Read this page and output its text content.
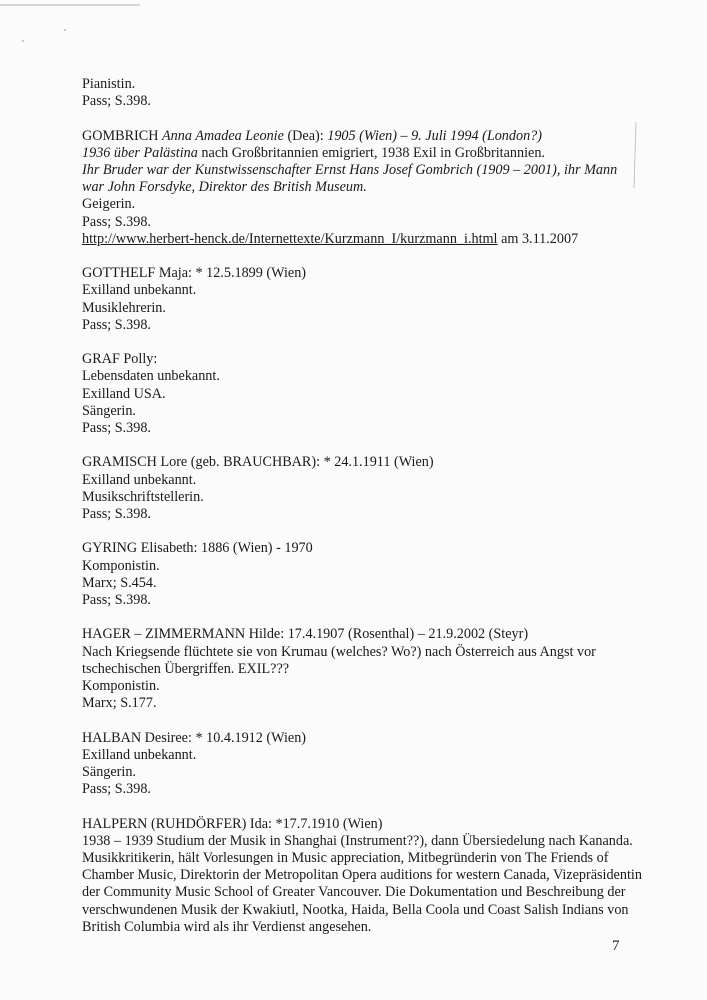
Pianistin.
Pass; S.398.
GOMBRICH Anna Amadea Leonie (Dea): 1905 (Wien) – 9. Juli 1994 (London?)
1936 über Palästina nach Großbritannien emigriert, 1938 Exil in Großbritannien.
Ihr Bruder war der Kunstwissenschafter Ernst Hans Josef Gombrich (1909 – 2001), ihr Mann war John Forsdyke, Direktor des British Museum.
Geigerin.
Pass; S.398.
http://www.herbert-henck.de/Internettexte/Kurzmann_I/kurzmann_i.html am 3.11.2007
GOTTHELF Maja: * 12.5.1899 (Wien)
Exilland unbekannt.
Musiklehrerin.
Pass; S.398.
GRAF Polly:
Lebensdaten unbekannt.
Exilland USA.
Sängerin.
Pass; S.398.
GRAMISCH Lore (geb. BRAUCHBAR): * 24.1.1911 (Wien)
Exilland unbekannt.
Musikschriftstellerin.
Pass; S.398.
GYRING Elisabeth: 1886 (Wien) - 1970
Komponistin.
Marx; S.454.
Pass; S.398.
HAGER – ZIMMERMANN Hilde: 17.4.1907 (Rosenthal) – 21.9.2002 (Steyr)
Nach Kriegsende flüchtete sie von Krumau (welches? Wo?) nach Österreich aus Angst vor tschechischen Übergriffen. EXIL???
Komponistin.
Marx; S.177.
HALBAN Desiree: * 10.4.1912 (Wien)
Exilland unbekannt.
Sängerin.
Pass; S.398.
HALPERN (RUHDÖRFER) Ida: *17.7.1910 (Wien)
1938 – 1939 Studium der Musik in Shanghai (Instrument??), dann Übersiedelung nach Kananda.
Musikkritikerin, hält Vorlesungen in Music appreciation, Mitbegründerin von The Friends of Chamber Music, Direktorin der Metropolitan Opera auditions for western Canada, Vizepräsidentin der Community Music School of Greater Vancouver. Die Dokumentation und Beschreibung der verschwundenen Musik der Kwakiutl, Nootka, Haida, Bella Coola und Coast Salish Indians von British Columbia wird als ihr Verdienst angesehen.
7
